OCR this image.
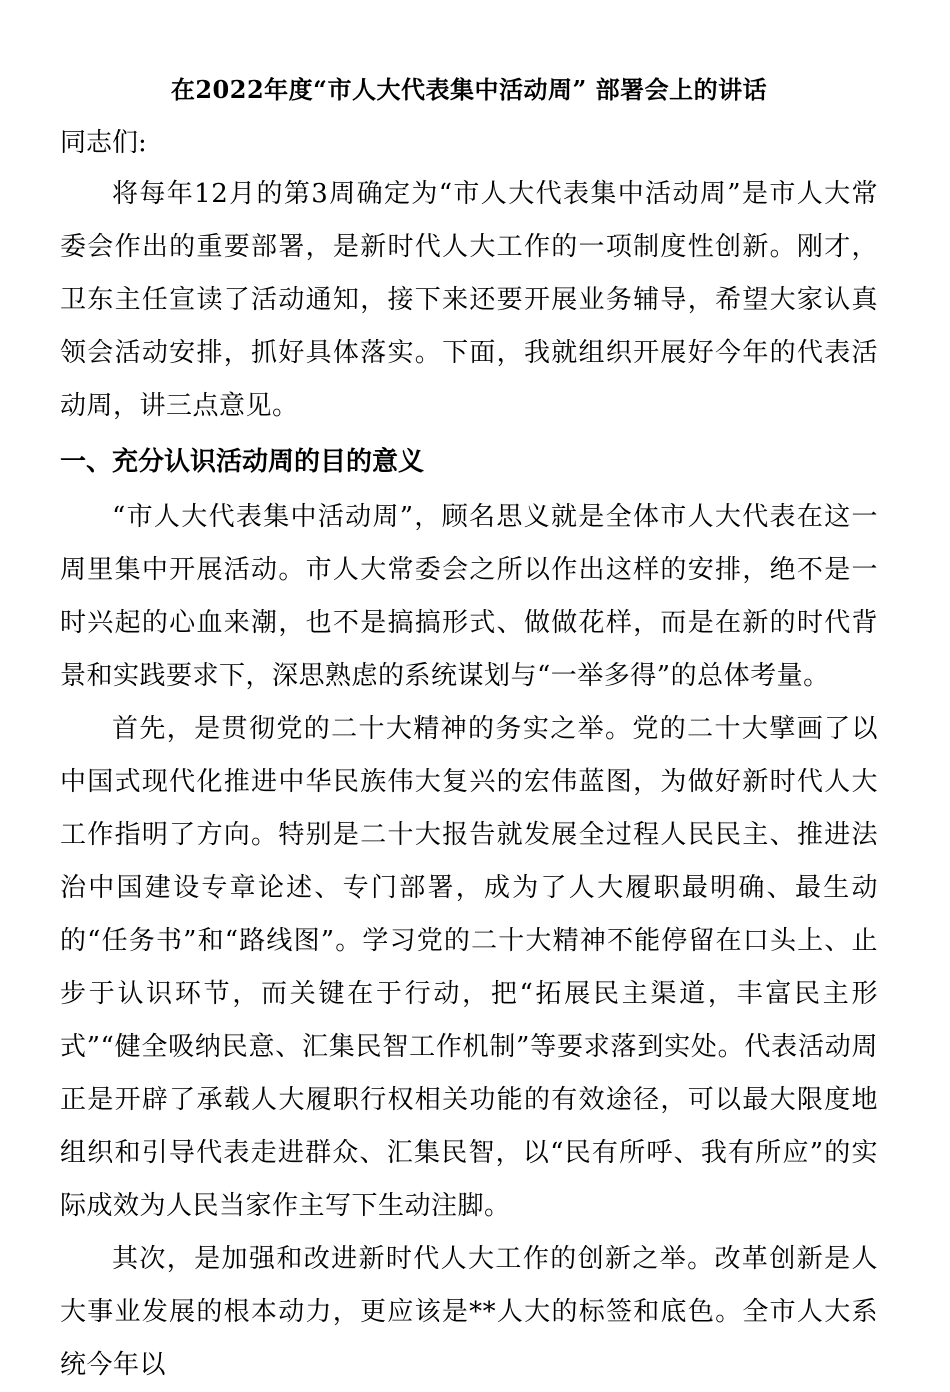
在2022年度“市人大代表集中活动周” 部署会上的讲话

同志们:

将每年12月的第3周确定为“市人大代表集中活动周”是市人大常委会作出的重要部署，是新时代人大工作的一项制度性创新。刚才，卫东主任宣读了活动通知，接下来还要开展业务辅导，希望大家认真领会活动安排，抓好具体落实。下面，我就组织开展好今年的代表活动周，讲三点意见。

一、充分认识活动周的目的意义

“市人大代表集中活动周”，顾名思义就是全体市人大代表在这一周里集中开展活动。市人大常委会之所以作出这样的安排，绝不是一时兴起的心血来潮，也不是搞搞形式、做做花样，而是在新的时代背景和实践要求下，深思熟虑的系统谋划与“一举多得”的总体考量。

首先，是贯彻党的二十大精神的务实之举。党的二十大擘画了以中国式现代化推进中华民族伟大复兴的宏伟蓝图，为做好新时代人大工作指明了方向。特别是二十大报告就发展全过程人民民主、推进法治中国建设专章论述、专门部署，成为了人大履职最明确、最生动的“任务书”和“路线图”。学习党的二十大精神不能停留在口头上、止步于认识环节，而关键在于行动，把“拓展民主渠道，丰富民主形式”“健全吸纳民意、汇集民智工作机制”等要求落到实处。代表活动周正是开辟了承载人大履职行权相关功能的有效途径，可以最大限度地组织和引导代表走进群众、汇集民智，以“民有所呼、我有所应”的实际成效为人民当家作主写下生动注脚。

其次，是加强和改进新时代人大工作的创新之举。改革创新是人大事业发展的根本动力，更应该是**人大的标签和底色。全市人大系统今年以
